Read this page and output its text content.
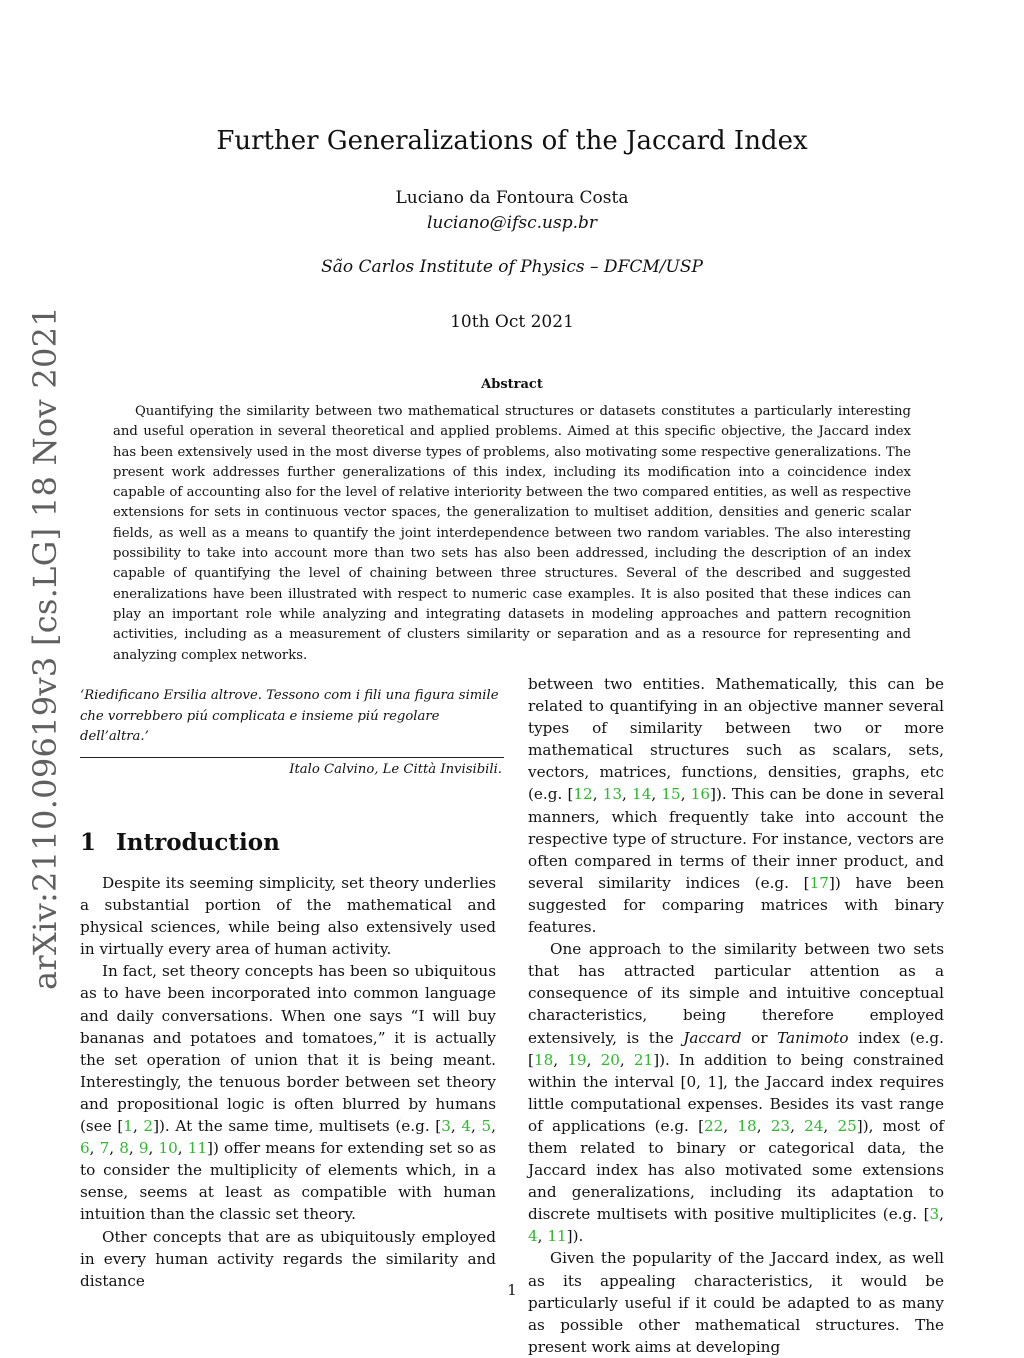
arXiv:2110.09619v3 [cs.LG] 18 Nov 2021
Further Generalizations of the Jaccard Index
Luciano da Fontoura Costa
luciano@ifsc.usp.br
São Carlos Institute of Physics – DFCM/USP
10th Oct 2021
Abstract

Quantifying the similarity between two mathematical structures or datasets constitutes a particularly interesting and useful operation in several theoretical and applied problems. Aimed at this specific objective, the Jaccard index has been extensively used in the most diverse types of problems, also motivating some respective generalizations. The present work addresses further generalizations of this index, including its modification into a coincidence index capable of accounting also for the level of relative interiority between the two compared entities, as well as respective extensions for sets in continuous vector spaces, the generalization to multiset addition, densities and generic scalar fields, as well as a means to quantify the joint interdependence between two random variables. The also interesting possibility to take into account more than two sets has also been addressed, including the description of an index capable of quantifying the level of chaining between three structures. Several of the described and suggested eneralizations have been illustrated with respect to numeric case examples. It is also posited that these indices can play an important role while analyzing and integrating datasets in modeling approaches and pattern recognition activities, including as a measurement of clusters similarity or separation and as a resource for representing and analyzing complex networks.

‘Riedificano Ersilia altrove. Tessono com i fili una figura simile che vorrebbero piú complicata e insieme piú regolare dell’altra.’
Italo Calvino, Le Città Invisibili.
1 Introduction

Despite its seeming simplicity, set theory underlies a substantial portion of the mathematical and physical sciences, while being also extensively used in virtually every area of human activity.

In fact, set theory concepts has been so ubiquitous as to have been incorporated into common language and daily conversations. When one says “I will buy bananas and potatoes and tomatoes,” it is actually the set operation of union that it is being meant. Interestingly, the tenuous border between set theory and propositional logic is often blurred by humans (see [1, 2]). At the same time, multisets (e.g. [3, 4, 5, 6, 7, 8, 9, 10, 11]) offer means for extending set so as to consider the multiplicity of elements which, in a sense, seems at least as compatible with human intuition than the classic set theory.

Other concepts that are as ubiquitously employed in every human activity regards the similarity and distance

between two entities. Mathematically, this can be related to quantifying in an objective manner several types of similarity between two or more mathematical structures such as scalars, sets, vectors, matrices, functions, densities, graphs, etc (e.g. [12, 13, 14, 15, 16]). This can be done in several manners, which frequently take into account the respective type of structure. For instance, vectors are often compared in terms of their inner product, and several similarity indices (e.g. [17]) have been suggested for comparing matrices with binary features.

One approach to the similarity between two sets that has attracted particular attention as a consequence of its simple and intuitive conceptual characteristics, being therefore employed extensively, is the Jaccard or Tanimoto index (e.g. [18, 19, 20, 21]). In addition to being constrained within the interval [0, 1], the Jaccard index requires little computational expenses. Besides its vast range of applications (e.g. [22, 18, 23, 24, 25]), most of them related to binary or categorical data, the Jaccard index has also motivated some extensions and generalizations, including its adaptation to discrete multisets with positive multiplicites (e.g. [3, 4, 11]).

Given the popularity of the Jaccard index, as well as its appealing characteristics, it would be particularly useful if it could be adapted to as many as possible other mathematical structures. The present work aims at developing

1
